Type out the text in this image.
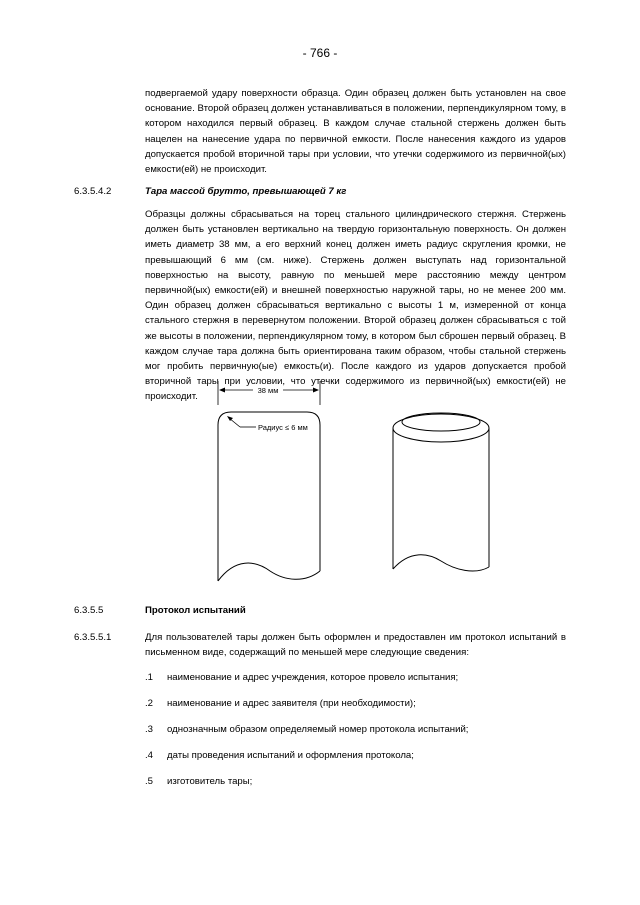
- 766 -

подвергаемой удару поверхности образца. Один образец должен быть установлен на свое основание. Второй образец должен устанавливаться в положении, перпендикулярном тому, в котором находился первый образец. В каждом случае стальной стержень должен быть нацелен на нанесение удара по первичной емкости. После нанесения каждого из ударов допускается пробой вторичной тары при условии, что утечки содержимого из первичной(ых) емкости(ей) не происходит.

6.3.5.4.2	Тара массой брутто, превышающей 7 кг

Образцы должны сбрасываться на торец стального цилиндрического стержня. Стержень должен быть установлен вертикально на твердую горизонтальную поверхность. Он должен иметь диаметр 38 мм, а его верхний конец должен иметь радиус скругления кромки, не превышающий 6 мм (см. ниже). Стержень должен выступать над горизонтальной поверхностью на высоту, равную по меньшей мере расстоянию между центром первичной(ых) емкости(ей) и внешней поверхностью наружной тары, но не менее 200 мм. Один образец должен сбрасываться вертикально с высоты 1 м, измеренной от конца стального стержня в перевернутом положении. Второй образец должен сбрасываться с той же высоты в положении, перпендикулярном тому, в котором был сброшен первый образец. В каждом случае тара должна быть ориентирована таким образом, чтобы стальной стержень мог пробить первичную(ые) емкость(и). После каждого из ударов допускается пробой вторичной тары при условии, что утечки содержимого из первичной(ых) емкости(ей) не происходит.

38 мм
Радиус ≤ 6 мм
6.3.5.5	Протокол испытаний
6.3.5.5.1	Для пользователей тары должен быть оформлен и предоставлен им протокол испытаний в письменном виде, содержащий по меньшей мере следующие сведения:

.1 наименование и адрес учреждения, которое провело испытания;
.2 наименование и адрес заявителя (при необходимости);
.3 однозначным образом определяемый номер протокола испытаний;
.4 даты проведения испытаний и оформления протокола;
.5 изготовитель тары;
